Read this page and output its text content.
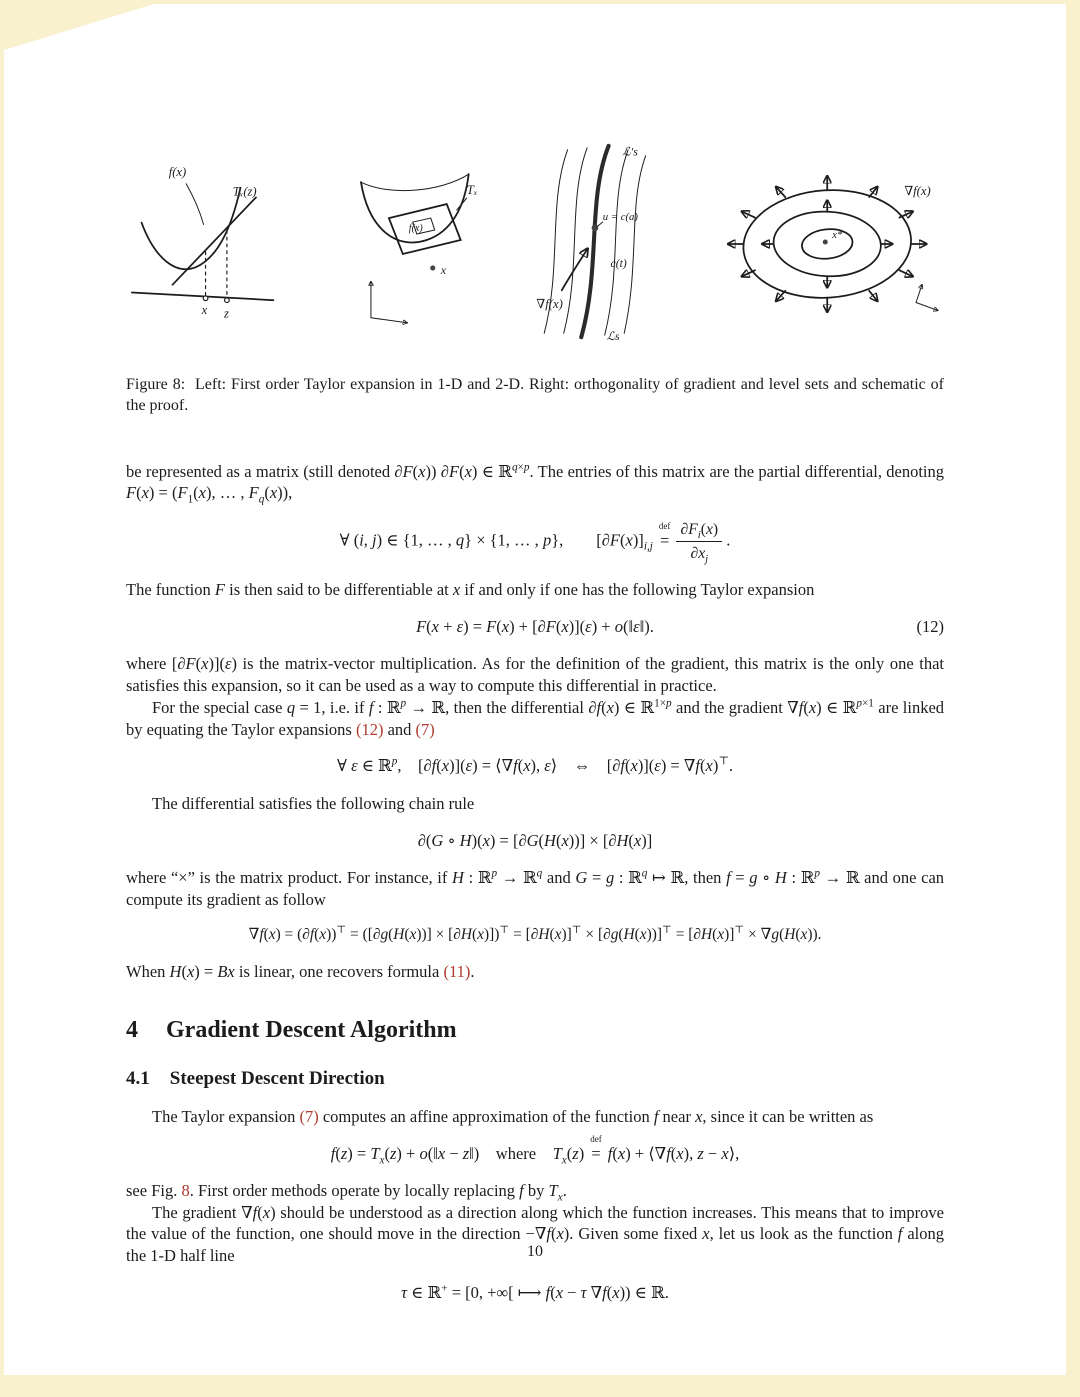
f(x)
Tₓ(z)
x z
f(x)
Tₓ
x
u = c(a)
c(t)
∇f(x)
ℒ′s
ℒs
x*
∇f(x)
Figure 8:  Left: First order Taylor expansion in 1-D and 2-D. Right: orthogonality of gradient and level sets and schematic of the proof.

be represented as a matrix (still denoted ∂F(x)) ∂F(x) ∈ ℝ$^{q\times p}$. The entries of this matrix are the partial differential, denoting $F(x) = (F_1(x)$, … , $F_q(x)$),

∀ (i, j) ∈ {1, … , q} × {1, … , p},  $[\partial F(x)]_{i,j}$
def
= $\frac{\partial F_i(x)}{\partial x_j}$ .

The function F is then said to be differentiable at x if and only if one has the following Taylor expansion

F(x + ε) = F(x) + [∂F(x)](ε) + o(‖ε‖).	(12)

where [∂F(x)](ε) is the matrix-vector multiplication. As for the definition of the gradient, this matrix is the only one that satisfies this expansion, so it can be used as a way to compute this differential in practice.

For the special case q = 1, i.e. if f : ℝ$^p$ → ℝ, then the differential ∂f(x) ∈ ℝ$^{1\times p}$ and the gradient ∇f(x) ∈ ℝ$^{p\times 1}$ are linked by equating the Taylor expansions (12) and (7)

∀ ε ∈ ℝ$^p$, [∂f(x)](ε) = ⟨∇f(x), ε⟩ ⇔ [∂f(x)](ε) = ∇f(x)⊤.

The differential satisfies the following chain rule

∂(G ∘ H)(x) = [∂G(H(x))] × [∂H(x)]

where “×” is the matrix product. For instance, if H : ℝ$^p$ → ℝ$^q$ and G = g : ℝ$^q$ ↦ ℝ, then f = g ∘ H : ℝ$^p$ → ℝ and one can compute its gradient as follow

∇f(x) = (∂f(x))⊤ = ([∂g(H(x))] × [∂H(x)])⊤ = [∂H(x)]⊤ × [∂g(H(x))]⊤ = [∂H(x)]⊤ × ∇g(H(x)).

When H(x) = Bx is linear, one recovers formula (11).

4 Gradient Descent Algorithm
4.1 Steepest Descent Direction

The Taylor expansion (7) computes an affine approximation of the function f near x, since it can be written as

$f(z) = T_x(z)$ + o(‖x − z‖) where $T_x(z)$
def
= f(x) + ⟨∇f(x), z − x⟩,

see Fig. 8. First order methods operate by locally replacing f by $T_x$.

The gradient ∇f(x) should be understood as a direction along which the function increases. This means that to improve the value of the function, one should move in the direction −∇f(x). Given some fixed x, let us look as the function f along the 1-D half line

τ ∈ ℝ+ = [0, +∞[ ⟼ f(x − τ ∇f(x)) ∈ ℝ.
10
